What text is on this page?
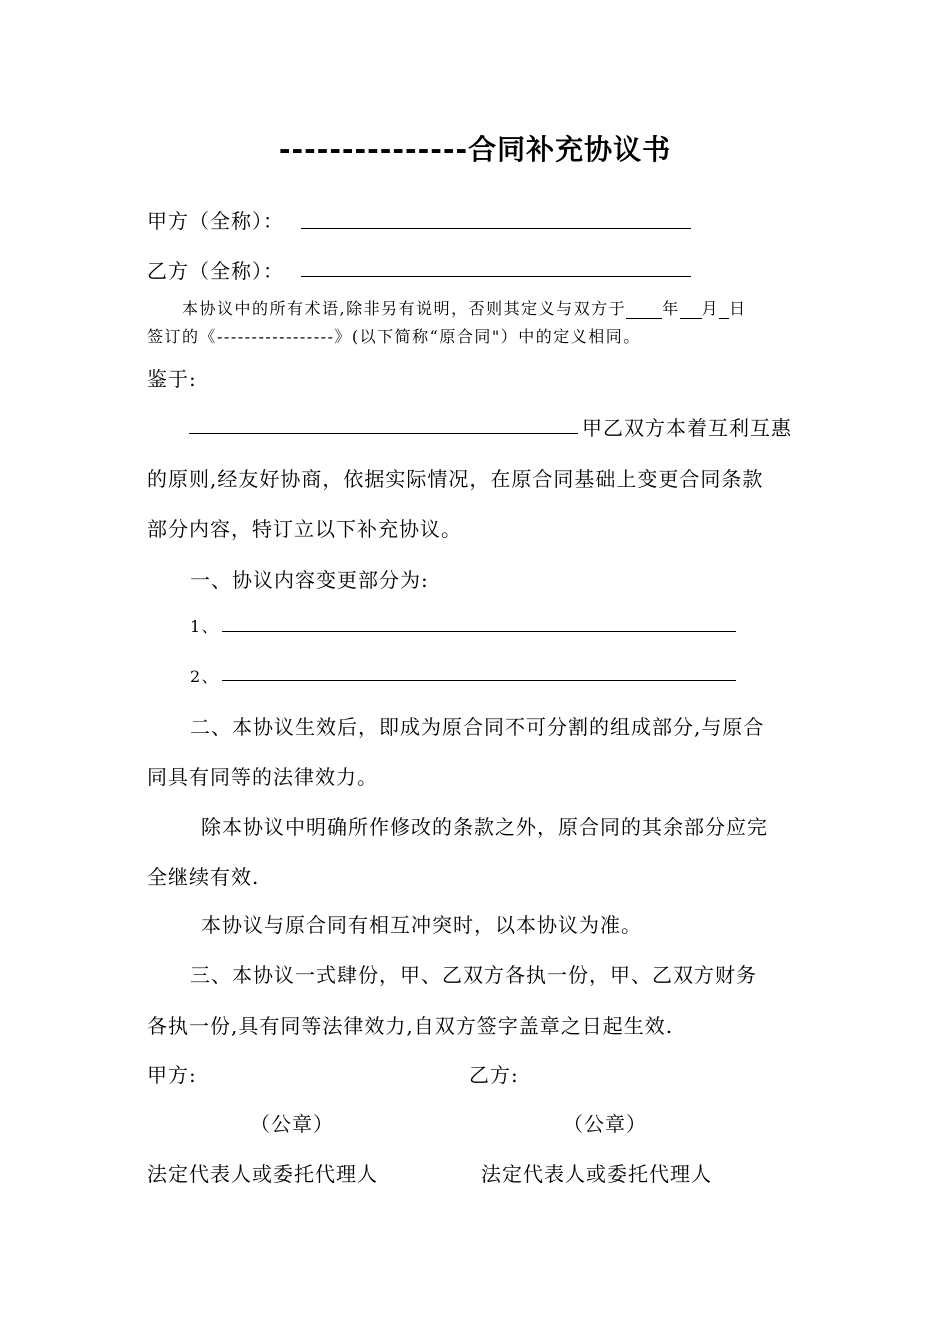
---------------合同补充协议书
甲方（全称）：
乙方（全称）：
本协议中的所有术语,除非另有说明，否则其定义与双方于 年 月 日
签订的《-----------------》(以下简称“原合同"）中的定义相同。
鉴于:
甲乙双方本着互利互惠
的原则,经友好协商，依据实际情况，在原合同基础上变更合同条款
部分内容，特订立以下补充协议。
一、协议内容变更部分为:
1、
2、
二、本协议生效后，即成为原合同不可分割的组成部分,与原合
同具有同等的法律效力。
除本协议中明确所作修改的条款之外，原合同的其余部分应完
全继续有效.
本协议与原合同有相互冲突时，以本协议为准。
三、本协议一式肆份，甲、乙双方各执一份，甲、乙双方财务
各执一份,具有同等法律效力,自双方签字盖章之日起生效.
甲方:	乙方:
（公章）	（公章）
法定代表人或委托代理人	法定代表人或委托代理人
